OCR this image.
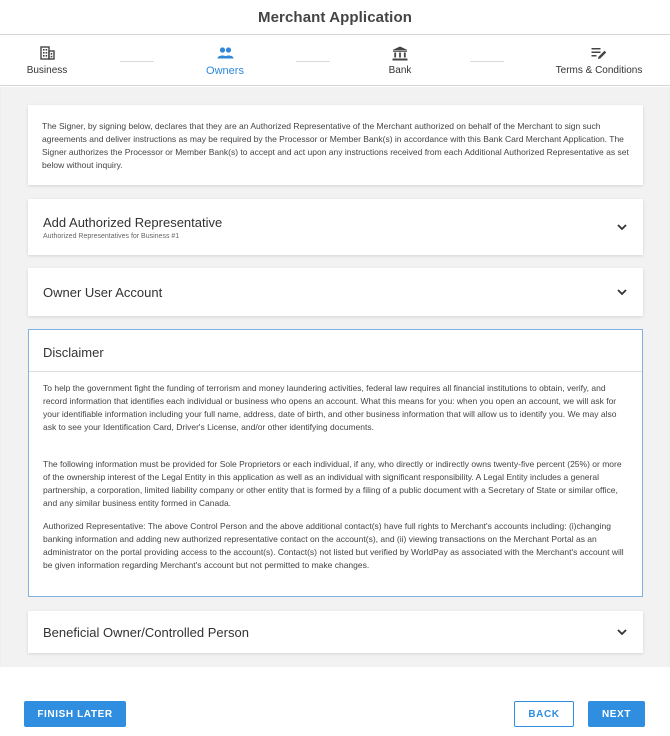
Merchant Application
Business	Owners	Bank	Terms & Conditions

The Signer, by signing below, declares that they are an Authorized Representative of the Merchant authorized on behalf of the Merchant to sign such agreements and deliver instructions as may be required by the Processor or Member Bank(s) in accordance with this Bank Card Merchant Application. The Signer authorizes the Processor or Member Bank(s) to accept and act upon any instructions received from each Additional Authorized Representative as set below without inquiry.

Add Authorized Representative
Authorized Representatives for Business #1
Owner User Account
Disclaimer

To help the government fight the funding of terrorism and money laundering activities, federal law requires all financial institutions to obtain, verify, and record information that identifies each individual or business who opens an account. What this means for you: when you open an account, we will ask for your identifiable information including your full name, address, date of birth, and other business information that will allow us to identify you. We may also ask to see your Identification Card, Driver's License, and/or other identifying documents.

The following information must be provided for Sole Proprietors or each individual, if any, who directly or indirectly owns twenty-five percent (25%) or more of the ownership interest of the Legal Entity in this application as well as an individual with significant responsibility. A Legal Entity includes a general partnership, a corporation, limited liability company or other entity that is formed by a filing of a public document with a Secretary of State or similar office, and any similar business entity formed in Canada.

Authorized Representative: The above Control Person and the above additional contact(s) have full rights to Merchant's accounts including: (i)changing banking information and adding new authorized representative contact on the account(s), and (ii) viewing transactions on the Merchant Portal as an administrator on the portal providing access to the account(s). Contact(s) not listed but verified by WorldPay as associated with the Merchant's account will be given information regarding Merchant's account but not permitted to make changes.

Beneficial Owner/Controlled Person
FINISH LATER	BACK	NEXT
